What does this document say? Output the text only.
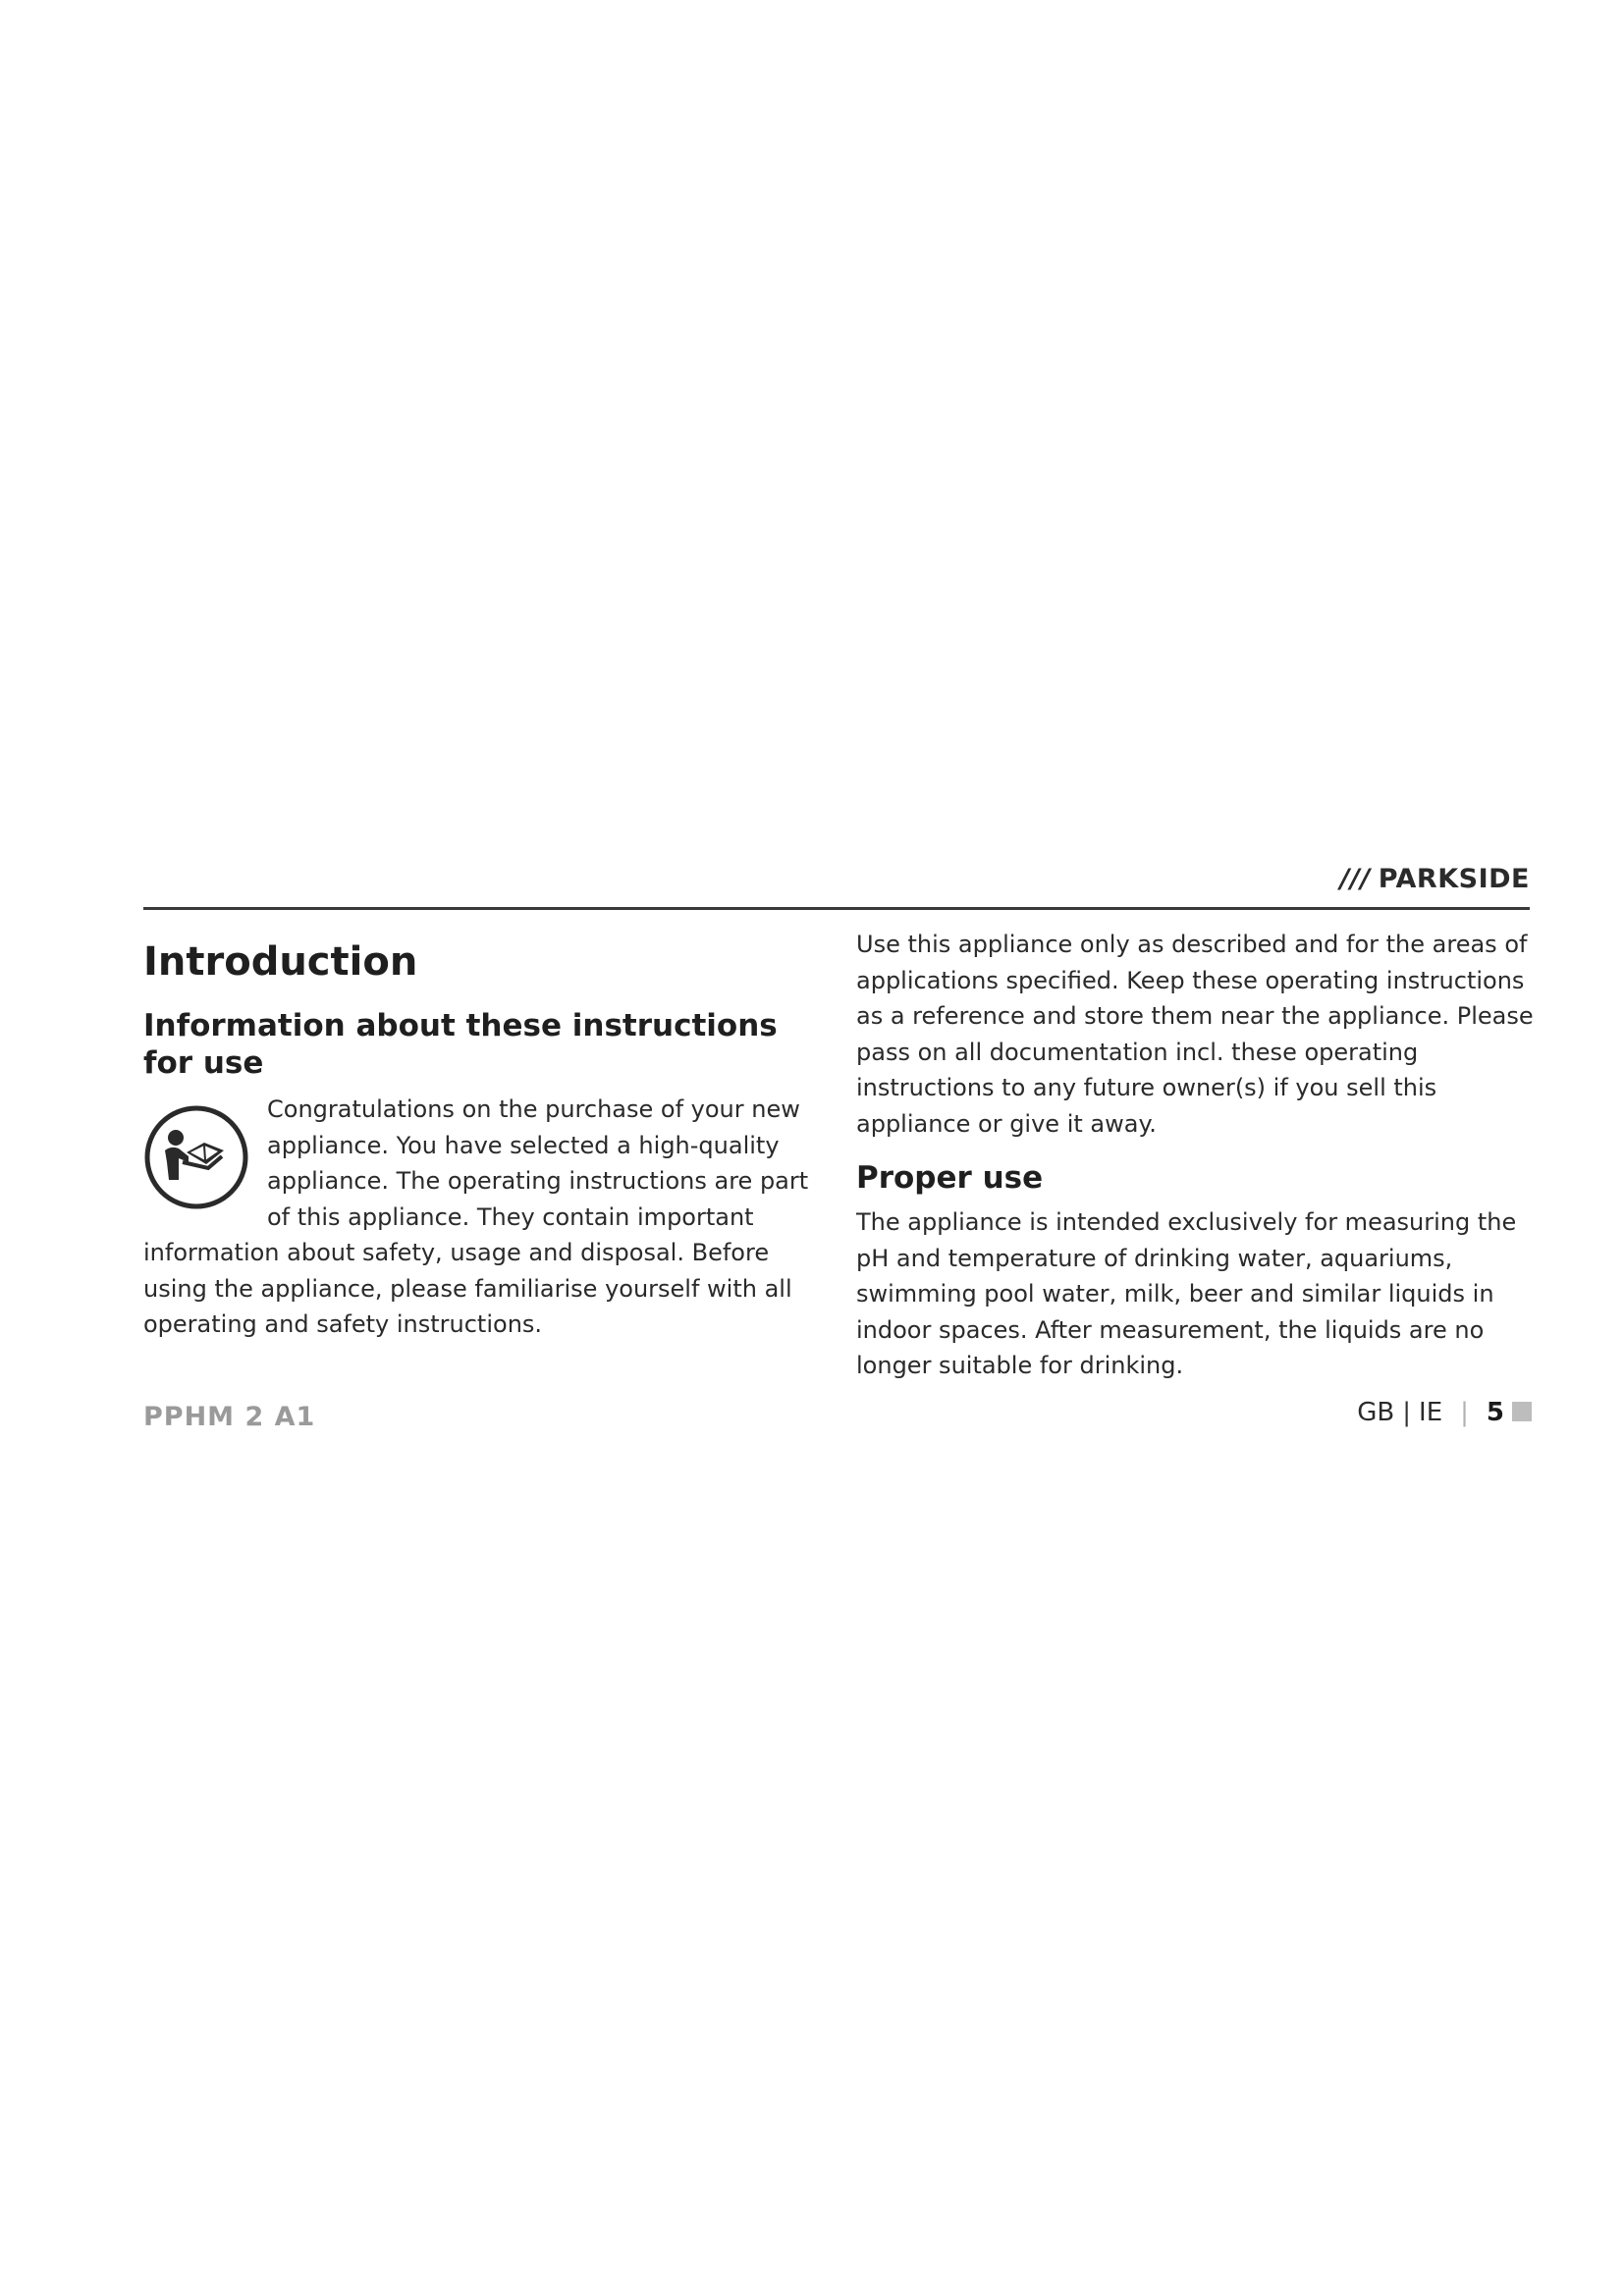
/// PARKSIDE
Introduction
Information about these instructions for use

Congratulations on the purchase of your new appliance. You have selected a high-quality appliance. The operating instructions are part of this appliance. They contain important information about safety, usage and disposal. Before using the appliance, please familiarise yourself with all operating and safety instructions.

Use this appliance only as described and for the areas of applications specified. Keep these operating instructions as a reference and store them near the appliance. Please pass on all documentation incl. these operating instructions to any future owner(s) if you sell this appliance or give it away.

Proper use

The appliance is intended exclusively for measuring the pH and temperature of drinking water, aquariums, swimming pool water, milk, beer and similar liquids in indoor spaces. After measurement, the liquids are no longer suitable for drinking.

PPHM 2 A1	GB | IE | 5
